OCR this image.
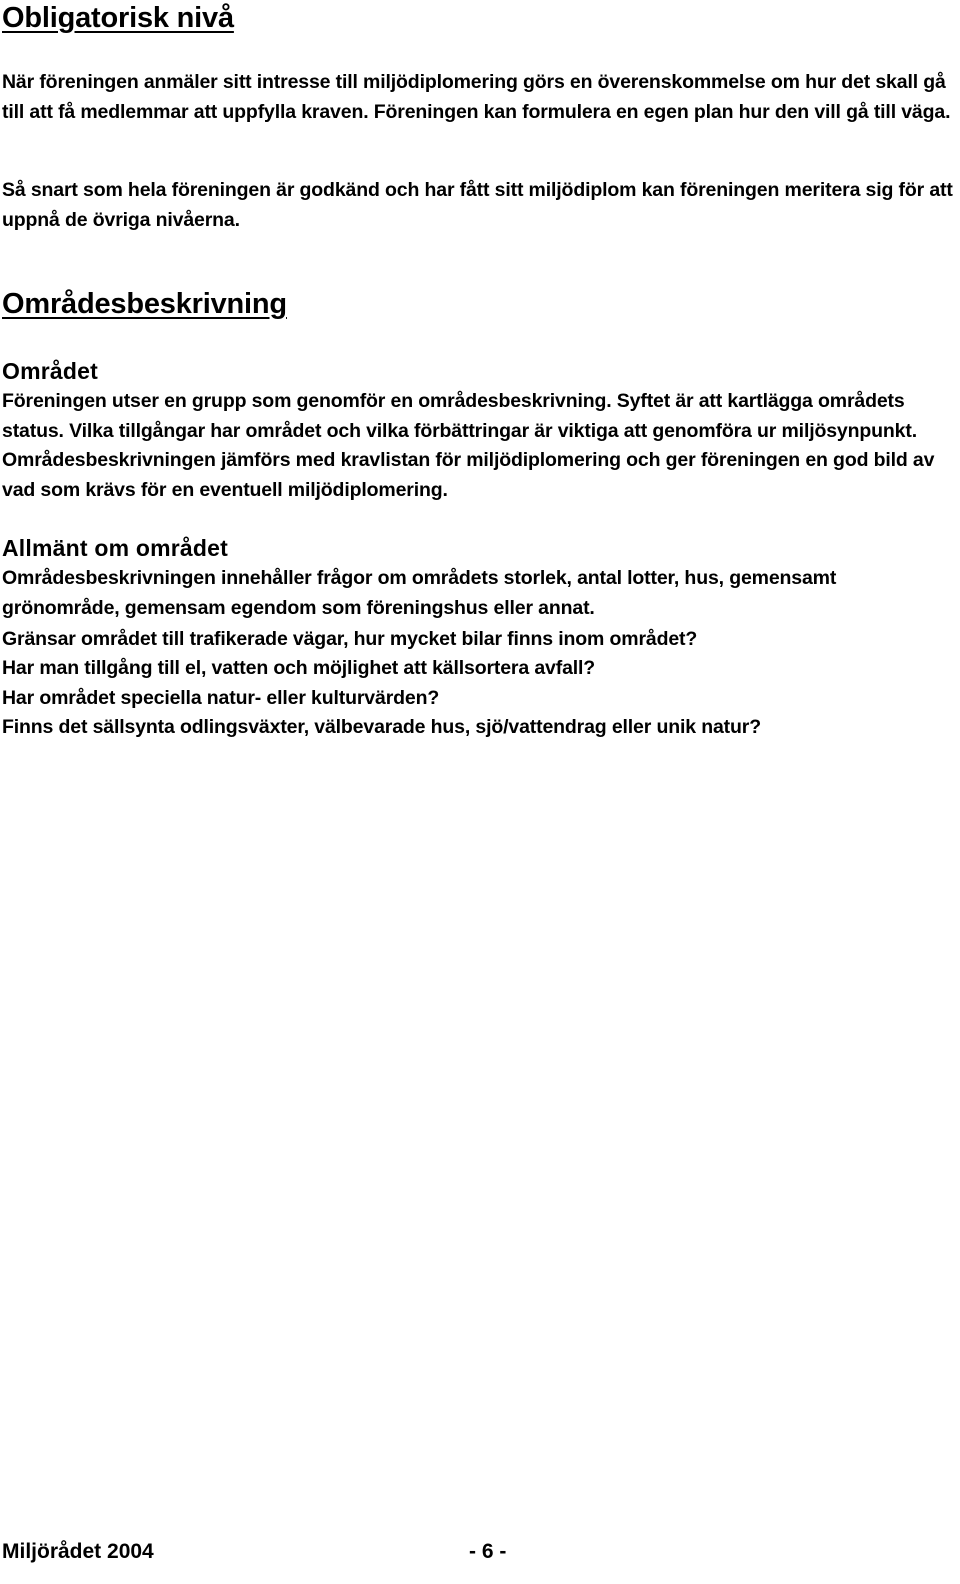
Obligatorisk nivå
När föreningen anmäler sitt intresse till miljödiplomering görs en överenskommelse om hur det skall gå till att få medlemmar att uppfylla kraven. Föreningen kan formulera en egen plan hur den vill gå till väga.
Så snart som hela föreningen är godkänd och har fått sitt miljödiplom kan föreningen meritera sig för att uppnå de övriga nivåerna.
Områdesbeskrivning
Området
Föreningen utser en grupp som genomför en områdesbeskrivning. Syftet är att kartlägga områdets status. Vilka tillgångar har området och vilka förbättringar är viktiga att genomföra ur miljösynpunkt. Områdesbeskrivningen jämförs med kravlistan för miljödiplomering och ger föreningen en god bild av vad som krävs för en eventuell miljödiplomering.
Allmänt om området
Områdesbeskrivningen innehåller frågor om områdets storlek, antal lotter, hus, gemensamt grönområde, gemensam egendom som föreningshus eller annat.
Gränsar området till trafikerade vägar, hur mycket bilar finns inom området?
Har man tillgång till el, vatten och möjlighet att källsortera avfall?
Har området speciella natur- eller kulturvärden?
Finns det sällsynta odlingsväxter, välbevarade hus, sjö/vattendrag eller unik natur?
Miljörådet 2004	- 6 -
